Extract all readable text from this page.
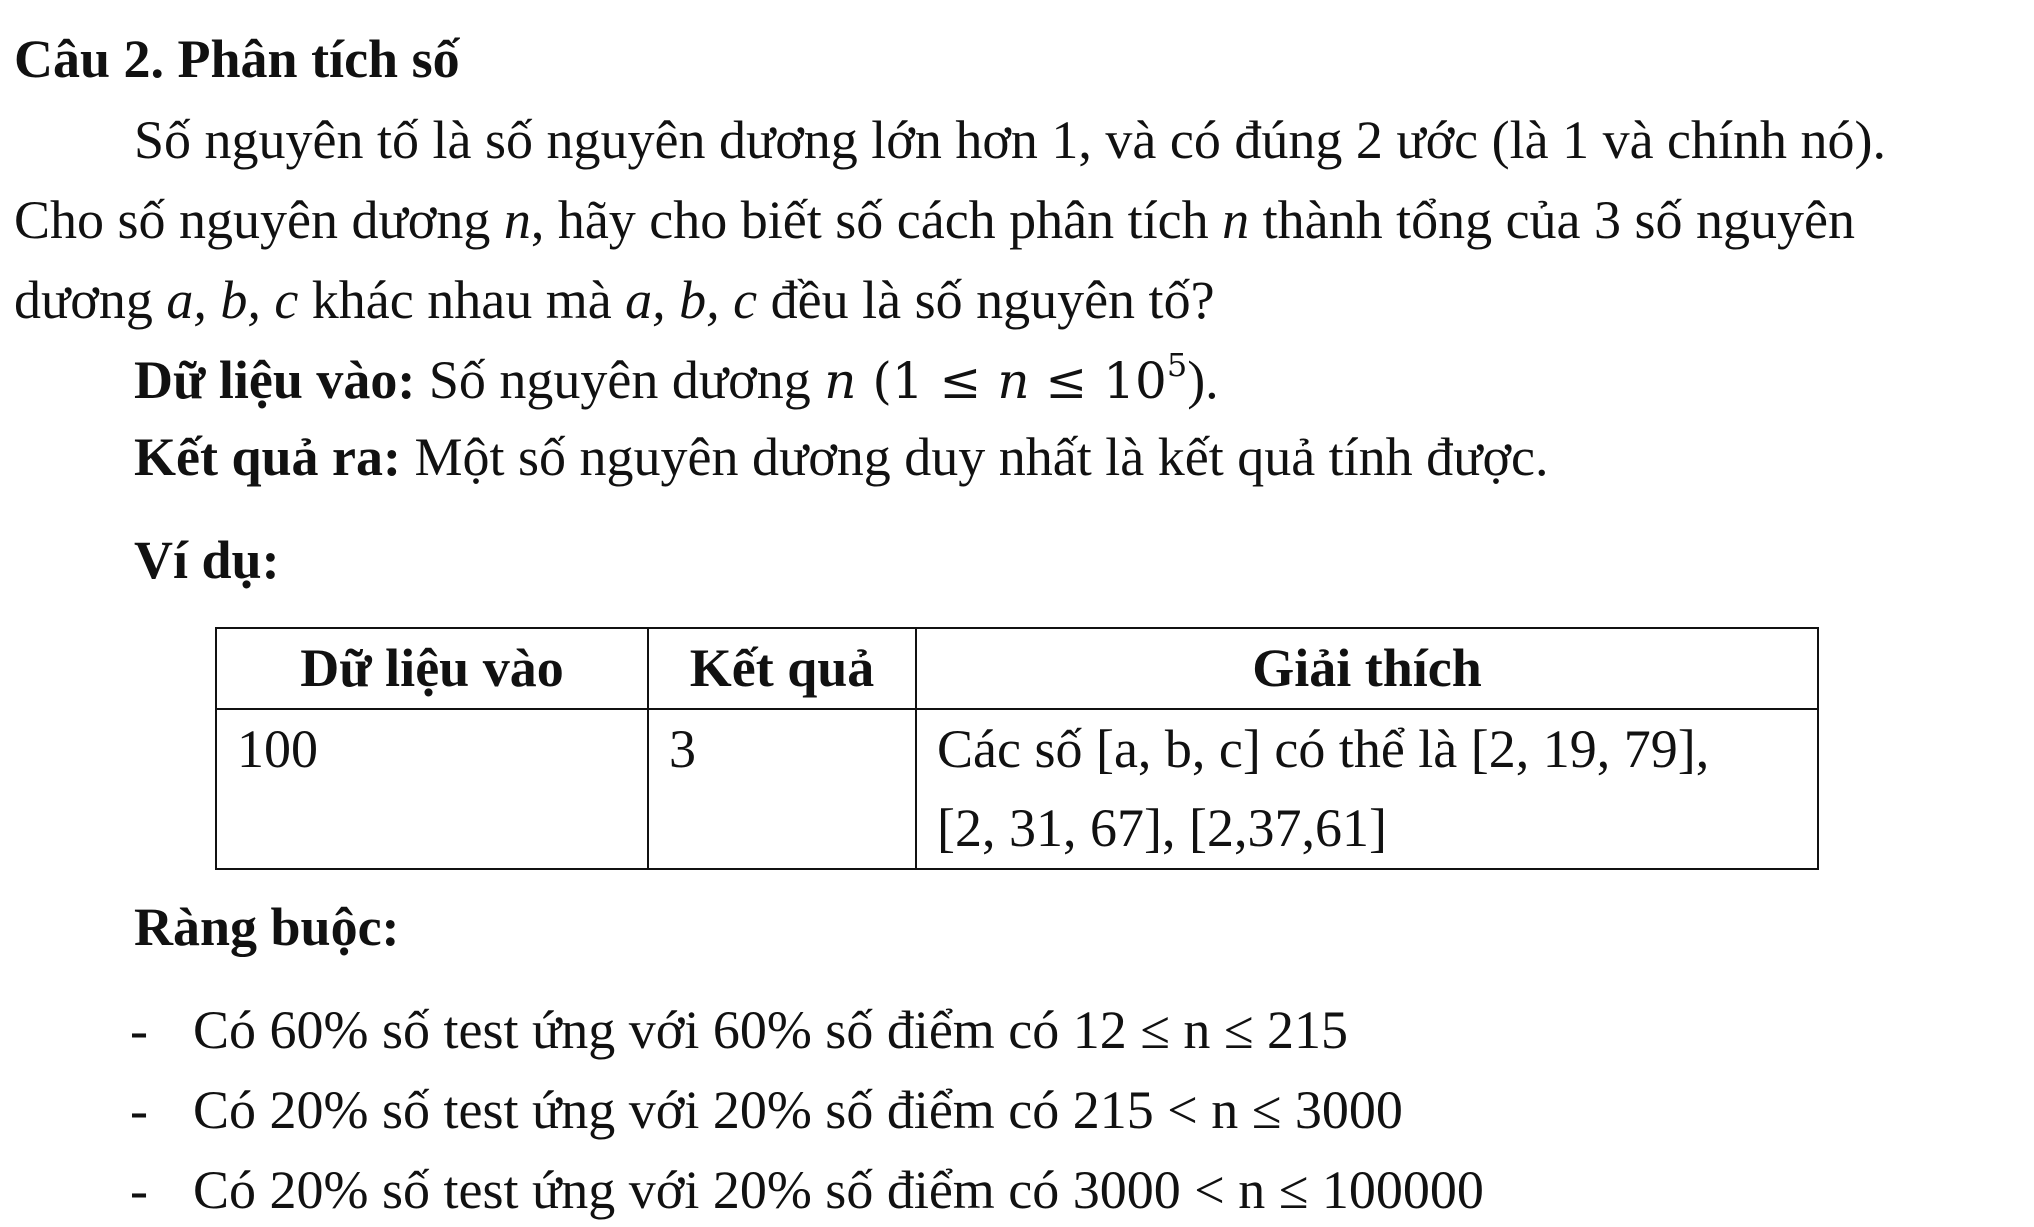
Câu 2. Phân tích số
Số nguyên tố là số nguyên dương lớn hơn 1, và có đúng 2 ước (là 1 và chính nó).
Cho số nguyên dương n, hãy cho biết số cách phân tích n thành tổng của 3 số nguyên
dương a, b, c khác nhau mà a, b, c đều là số nguyên tố?
Dữ liệu vào: Số nguyên dương n $(1 \le n \le 10^5)$.
Kết quả ra: Một số nguyên dương duy nhất là kết quả tính được.
Ví dụ:
Dữ liệu vào	Kết quả	Giải thích
100	3	Các số [a, b, c] có thể là [2, 19, 79],
[2, 31, 67], [2,37,61]
Ràng buộc:
- Có 60% số test ứng với 60% số điểm có 12 ≤ n ≤ 215
- Có 20% số test ứng với 20% số điểm có 215 < n ≤ 3000
- Có 20% số test ứng với 20% số điểm có 3000 < n ≤ 100000
